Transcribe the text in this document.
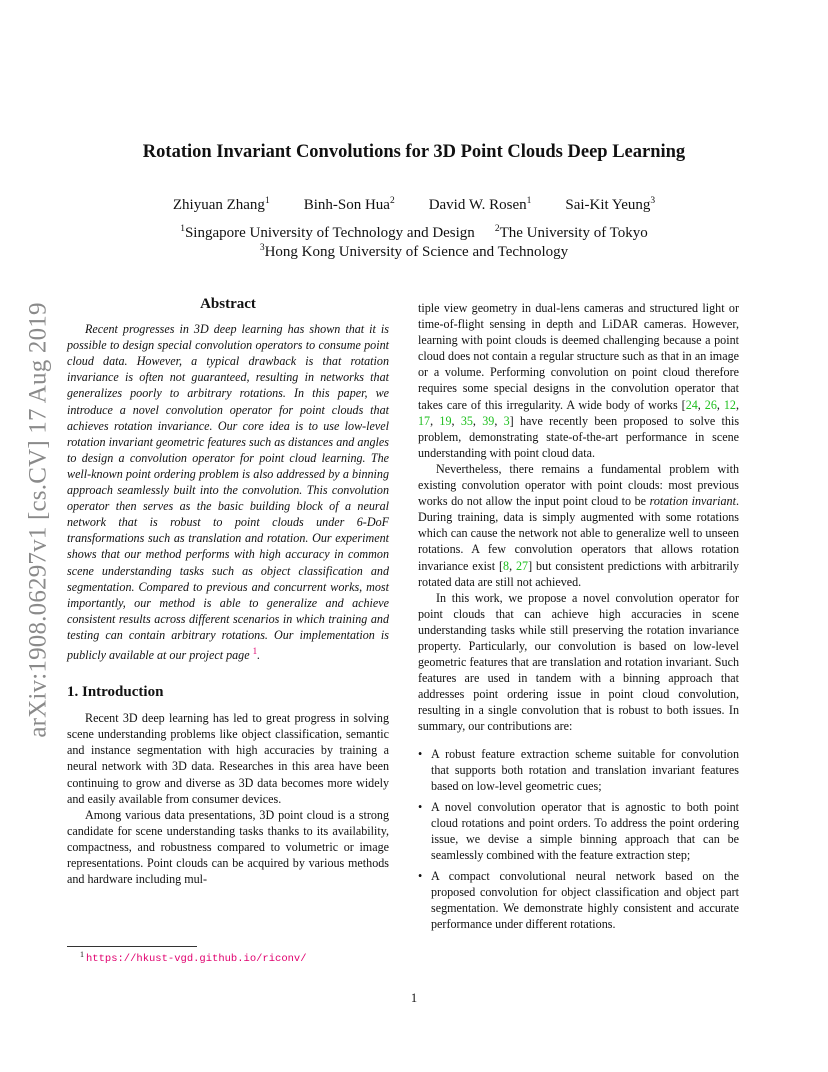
arXiv:1908.06297v1 [cs.CV] 17 Aug 2019
Rotation Invariant Convolutions for 3D Point Clouds Deep Learning
Zhiyuan Zhang$^1$ Binh-Son Hua$^2$ David W. Rosen$^1$ Sai-Kit Yeung$^3$
$^1$Singapore University of Technology and Design $^2$The University of Tokyo
$^3$Hong Kong University of Science and Technology
Abstract

Recent progresses in 3D deep learning has shown that it is possible to design special convolution operators to consume point cloud data. However, a typical drawback is that rotation invariance is often not guaranteed, resulting in networks that generalizes poorly to arbitrary rotations. In this paper, we introduce a novel convolution operator for point clouds that achieves rotation invariance. Our core idea is to use low-level rotation invariant geometric features such as distances and angles to design a convolution operator for point cloud learning. The well-known point ordering problem is also addressed by a binning approach seamlessly built into the convolution. This convolution operator then serves as the basic building block of a neural network that is robust to point clouds under 6-DoF transformations such as translation and rotation. Our experiment shows that our method performs with high accuracy in common scene understanding tasks such as object classification and segmentation. Compared to previous and concurrent works, most importantly, our method is able to generalize and achieve consistent results across different scenarios in which training and testing can contain arbitrary rotations. Our implementation is publicly available at our project page $^1$.

1. Introduction

Recent 3D deep learning has led to great progress in solving scene understanding problems like object classification, semantic and instance segmentation with high accuracies by training a neural network with 3D data. Researches in this area have been continuing to grow and diverse as 3D data becomes more widely and easily available from consumer devices.

Among various data presentations, 3D point cloud is a strong candidate for scene understanding tasks thanks to its availability, compactness, and robustness compared to volumetric or image representations. Point clouds can be acquired by various methods and hardware including mul-

tiple view geometry in dual-lens cameras and structured light or time-of-flight sensing in depth and LiDAR cameras. However, learning with point clouds is deemed challenging because a point cloud does not contain a regular structure such as that in an image or a volume. Performing convolution on point cloud therefore requires some special designs in the convolution operator that takes care of this irregularity. A wide body of works [24, 26, 12, 17, 19, 35, 39, 3] have recently been proposed to solve this problem, demonstrating state-of-the-art performance in scene understanding with point cloud data.

Nevertheless, there remains a fundamental problem with existing convolution operator with point clouds: most previous works do not allow the input point cloud to be rotation invariant. During training, data is simply augmented with some rotations which can cause the network not able to generalize well to unseen rotations. A few convolution operators that allows rotation invariance exist [8, 27] but consistent predictions with arbitrarily rotated data are still not achieved.

In this work, we propose a novel convolution operator for point clouds that can achieve high accuracies in scene understanding tasks while still preserving the rotation invariance property. Particularly, our convolution is based on low-level geometric features that are translation and rotation invariant. Such features are used in tandem with a binning approach that addresses point ordering issue in point cloud convolution, resulting in a single convolution that is robust to both issues. In summary, our contributions are:

• A robust feature extraction scheme suitable for convolution that supports both rotation and translation invariant features based on low-level geometric cues;
• A novel convolution operator that is agnostic to both point cloud rotations and point orders. To address the point ordering issue, we devise a simple binning approach that can be seamlessly combined with the feature extraction step;
• A compact convolutional neural network based on the proposed convolution for object classification and object part segmentation. We demonstrate highly consistent and accurate performance under different rotations.
$^1$ https://hkust-vgd.github.io/riconv/
1
